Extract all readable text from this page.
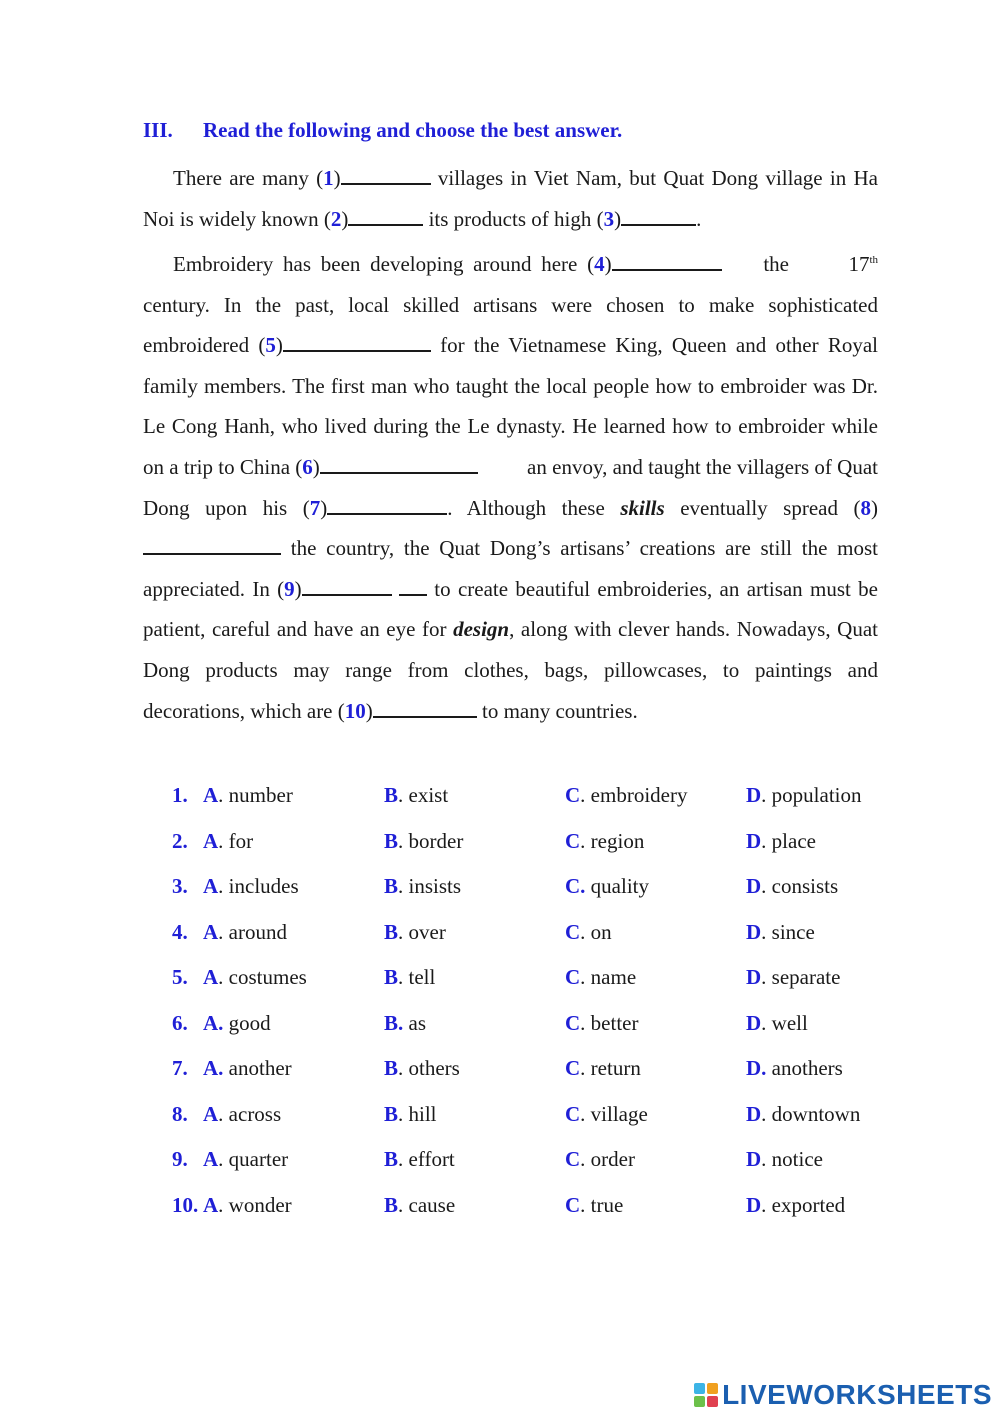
III. Read the following and choose the best answer.

There are many (1)	villages in Viet Nam, but Quat Dong village in Ha Noi is widely known (2)	its products of high (3)	.

Embroidery has been developing around here (4)	the	17th century. In the past, local skilled artisans were chosen to make sophisticated embroidered (5)	for the Vietnamese King, Queen and other Royal family members. The first man who taught the local people how to embroider was Dr. Le Cong Hanh, who lived during the Le dynasty. He learned how to embroider while on a trip to China (6)	an envoy, and taught the villagers of Quat Dong upon his (7)	. Although these skills eventually spread (8) the country, the Quat Dong’s artisans’ creations are still the most appreciated. In (9)	to create beautiful embroideries, an artisan must be patient, careful and have an eye for design, along with clever hands. Nowadays, Quat Dong products may range from clothes, bags, pillowcases, to paintings and decorations, which are (10)	to many countries.

1. A. number	B. exist	C. embroidery	D. population
2. A. for	B. border	C. region	D. place
3. A. includes	B. insists	C. quality	D. consists
4. A. around	B. over	C. on	D. since
5. A. costumes	B. tell	C. name	D. separate
6. A. good	B. as	C. better	D. well
7. A. another	B. others	C. return	D. anothers
8. A. across	B. hill	C. village	D. downtown
9. A. quarter	B. effort	C. order	D. notice
10. A. wonder	B. cause	C. true	D. exported
LIVEWORKSHEETS
